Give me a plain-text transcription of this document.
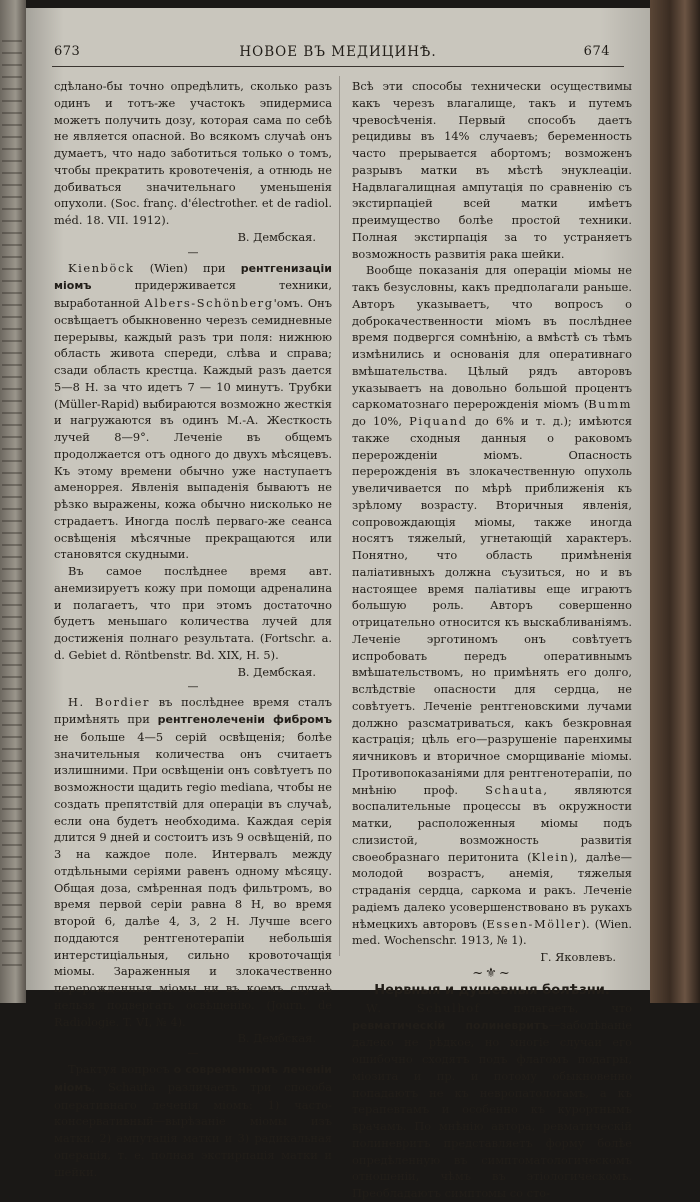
673	НОВОЕ ВЪ МЕДИЦИНѢ.	674

сдѣлано-бы точно опредѣлить, сколько разъ одинъ и тотъ-же участокъ эпидермиса можетъ получить дозу, которая сама по себѣ не является опасной. Во всякомъ случаѣ онъ думаетъ, что надо заботиться только о томъ, чтобы прекратить кровотеченія, а отнюдь не добиваться значительнаго уменьшенія опухоли. (Soc. franç. d'électrother. et de radiol. méd. 18. VII. 1912).

В. Дембская.

—

Kienböck (Wien) при рентгенизаціи міомъ придерживается техники, выработанной Albers-Schönberg'омъ. Онъ освѣщаетъ обыкновенно черезъ семидневные перерывы, каждый разъ три поля: нижнюю область живота спереди, слѣва и справа; сзади область крестца. Каждый разъ дается 5—8 Н. за что идетъ 7 — 10 минутъ. Трубки (Müller-Rapid) выбираются возможно жесткія и нагружаются въ одинъ М.-А. Жесткость лучей 8—9°. Леченіе въ общемъ продолжается отъ одного до двухъ мѣсяцевъ. Къ этому времени обычно уже наступаетъ аменоррея. Явленія выпаденія бываютъ не рѣзко выражены, кожа обычно нисколько не страдаетъ. Иногда послѣ перваго-же сеанса освѣщенія мѣсячные прекращаются или становятся скудными.

Въ самое послѣднее время авт. анемизируетъ кожу при помощи адреналина и полагаетъ, что при этомъ достаточно будетъ меньшаго количества лучей для достиженія полнаго результата. (Fortschr. a. d. Gebiet d. Röntbenstr. Bd. XIX, H. 5).

В. Дембская.

—

H. Bordier въ послѣднее время сталъ примѣнять при рентгенолеченіи фибромъ не больше 4—5 серій освѣщенія; болѣе значительныя количества онъ считаетъ излишними. При освѣщеніи онъ совѣтуетъ по возможности щадить regio mediana, чтобы не создать препятствій для операціи въ случаѣ, если она будетъ необходима. Каждая серія длится 9 дней и состоитъ изъ 9 освѣщеній, по 3 на каждое поле. Интервалъ между отдѣльными серіями равенъ одному мѣсяцу. Общая доза, смѣренная подъ фильтромъ, во время первой серіи равна 8 Н, во время второй 6, далѣе 4, 3, 2 Н. Лучше всего поддаются рентгенотерапіи небольшія интерстиціальныя, сильно кровоточащія міомы. Зараженныя и злокачественно перерожденныя міомы ни въ коемъ случаѣ нельзя подвергать освѣщенію. (Journ. de Radiologie. T. VI, № 4).

В. Дембская.

—

Трактуя вопросъ о современномъ леченіи міомъ, Schauta различаетъ три способа оперативнаго леченія міомъ: 1) часто-консервативный—вырѣзаніе міомы изъ матки, 2) ампутація матки и 3) радикальная операція, т. е. полная экстирпація матки и шейки.

Всѣ эти способы технически осуществимы какъ черезъ влагалище, такъ и путемъ чревосѣченія. Первый способъ даетъ рецидивы въ 14% случаевъ; беременность часто прерывается абортомъ; возможенъ разрывъ матки въ мѣстѣ энуклеаціи. Надвлагалищная ампутація по сравненію съ экстирпаціей всей матки имѣетъ преимущество болѣе простой техники. Полная экстирпація за то устраняетъ возможность развитія рака шейки.

Вообще показанія для операціи міомы не такъ безусловны, какъ предполагали раньше. Авторъ указываетъ, что вопросъ о доброкачественности міомъ въ послѣднее время подвергся сомнѣнію, а вмѣстѣ съ тѣмъ измѣнились и основанія для оперативнаго вмѣшательства. Цѣлый рядъ авторовъ указываетъ на довольно большой процентъ саркоматознаго перерожденія міомъ (Bumm до 10%, Piquand до 6% и т. д.); имѣются также сходныя данныя о раковомъ перерожденіи міомъ. Опасность перерожденія въ злокачественную опухоль увеличивается по мѣрѣ приближенія къ зрѣлому возрасту. Вторичныя явленія, сопровождающія міомы, также иногда носятъ тяжелый, угнетающій характеръ. Понятно, что область примѣненія паліативныхъ должна съузиться, но и въ настоящее время паліативы еще играютъ большую роль. Авторъ совершенно отрицательно относится къ выскабливаніямъ. Леченіе эрготиномъ онъ совѣтуетъ испробовать передъ оперативнымъ вмѣшательствомъ, но примѣнять его долго, вслѣдствіе опасности для сердца, не совѣтуетъ. Леченіе рентгеновскими лучами должно разсматриваться, какъ безкровная кастрація; цѣль его—разрушеніе паренхимы яичниковъ и вторичное сморщиваніе міомы. Противопоказаніями для рентгенотерапіи, по мнѣнію проф. Schauta, являются воспалительные процессы въ окружности матки, расположенныя міомы подъ слизистой, возможность развитія своеобразнаго перитонита (Klein), далѣе—молодой возрастъ, анемія, тяжелыя страданія сердца, саркома и ракъ. Леченіе радіемъ далеко усовершенствовано въ рукахъ нѣмецкихъ авторовъ (Essen-Möller). (Wien. med. Wochenschr. 1913, № 1).

Г. Яковлевъ.

~⚜~

Нервныя и душевныя болѣзни.

W. Schulhof полагаетъ, что ревматическій полиневритъ—заболѣваніе далеко не рѣдкое, но многіе случаи его ошибочно сходятъ подъ флагомъ подагры, міозита и пр. и потому обыкновенно попадаютъ не къ невропатологамъ, а къ терапевтамъ и особенно къ курортнымъ врачамъ. По мнѣнію автора, ревматическій полиневритъ представляетъ форму болѣе опредѣленную въ симптоматологическомъ отношеніи, чѣмъ въ этіологическомъ. Преобладаютъ симптомы со сто-
